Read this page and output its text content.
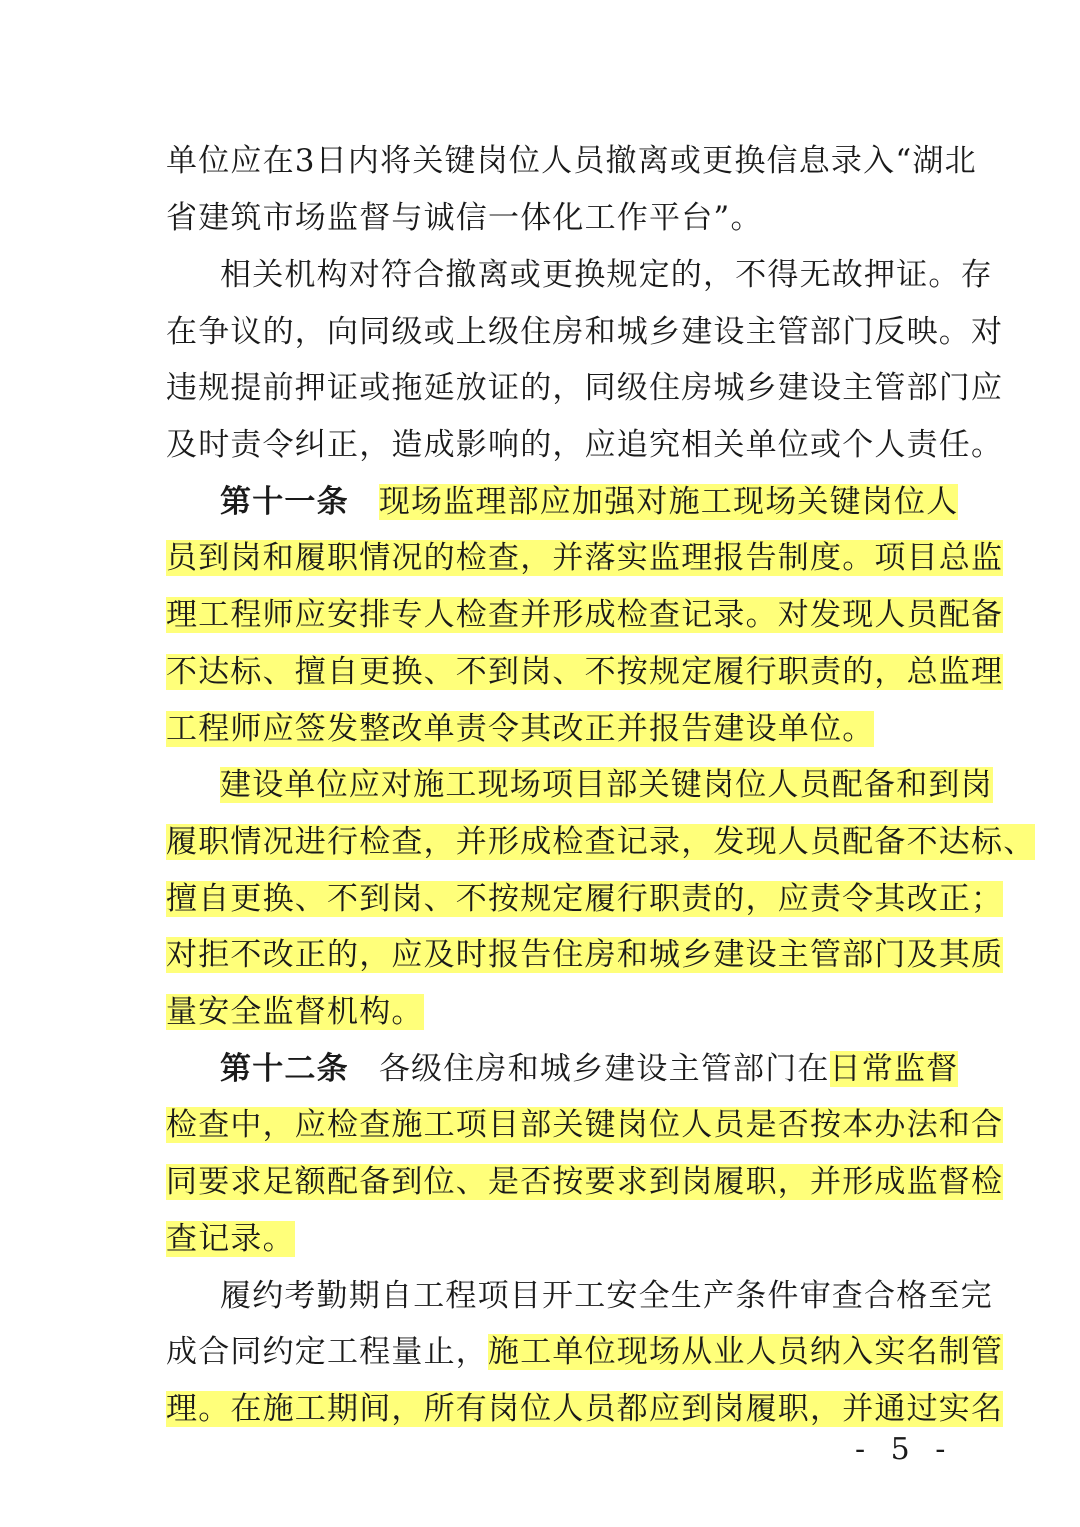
单位应在3日内将关键岗位人员撤离或更换信息录入“湖北
省建筑市场监督与诚信一体化工作平台”。
相关机构对符合撤离或更换规定的，不得无故押证。存
在争议的，向同级或上级住房和城乡建设主管部门反映。对
违规提前押证或拖延放证的，同级住房城乡建设主管部门应
及时责令纠正，造成影响的，应追究相关单位或个人责任。
第十一条 现场监理部应加强对施工现场关键岗位人
员到岗和履职情况的检查，并落实监理报告制度。项目总监
理工程师应安排专人检查并形成检查记录。对发现人员配备
不达标、擅自更换、不到岗、不按规定履行职责的，总监理
工程师应签发整改单责令其改正并报告建设单位。
建设单位应对施工现场项目部关键岗位人员配备和到岗
履职情况进行检查，并形成检查记录，发现人员配备不达标、
擅自更换、不到岗、不按规定履行职责的，应责令其改正；
对拒不改正的，应及时报告住房和城乡建设主管部门及其质
量安全监督机构。
第十二条 各级住房和城乡建设主管部门在日常监督
检查中，应检查施工项目部关键岗位人员是否按本办法和合
同要求足额配备到位、是否按要求到岗履职，并形成监督检
查记录。
履约考勤期自工程项目开工安全生产条件审查合格至完
成合同约定工程量止，施工单位现场从业人员纳入实名制管
理。在施工期间，所有岗位人员都应到岗履职，并通过实名
- 5 -
